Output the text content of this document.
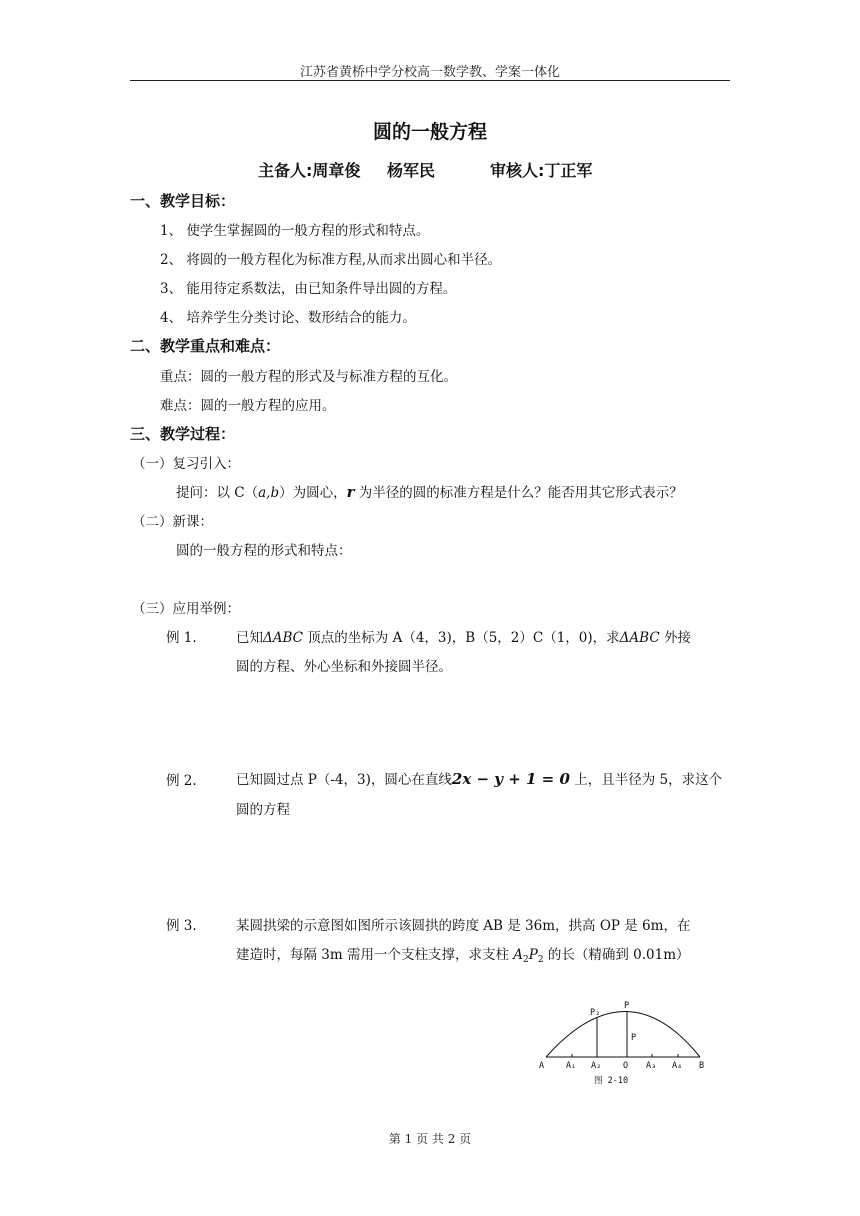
江苏省黄桥中学分校高一数学教、学案一体化
圆的一般方程
主备人:周章俊 杨军民	审核人:丁正军
一、教学目标：
1、 使学生掌握圆的一般方程的形式和特点。
2、 将圆的一般方程化为标准方程,从而求出圆心和半径。
3、 能用待定系数法，由已知条件导出圆的方程。
4、 培养学生分类讨论、数形结合的能力。
二、教学重点和难点：
重点：圆的一般方程的形式及与标准方程的互化。
难点：圆的一般方程的应用。
三、教学过程：
（一）复习引入：
提问：以 C（a,b）为圆心，r 为半径的圆的标准方程是什么？能否用其它形式表示？
（二）新课：
圆的一般方程的形式和特点：
（三）应用举例：
例 1.	已知ΔABC 顶点的坐标为 A（4，3)，B（5，2）C（1，0)，求ΔABC 外接
圆的方程、外心坐标和外接圆半径。
例 2.	已知圆过点 P（-4，3)，圆心在直线2x − y + 1 = 0 上，且半径为 5，求这个
圆的方程
例 3.	某圆拱梁的示意图如图所示该圆拱的跨度 AB 是 36m，拱高 OP 是 6m，在
建造时，每隔 3m 需用一个支柱支撑，求支柱 $A_2P_2$ 的长（精确到 0.01m）
A	A₁ A₂	O A₃ A₄ B
P
P₂
P
图 2-10
第 1 页 共 2 页
